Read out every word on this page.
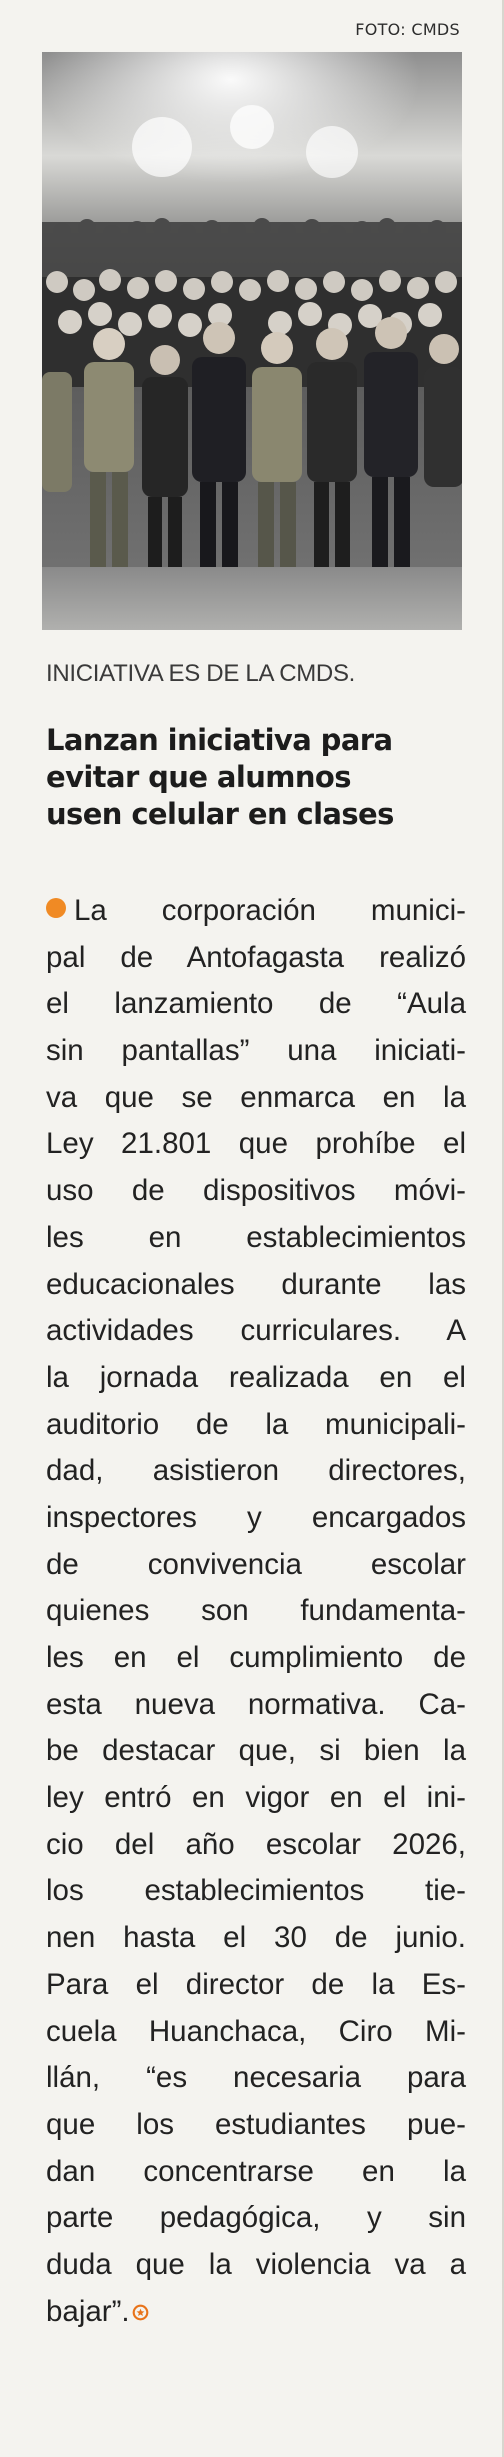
FOTO: CMDS
INICIATIVA ES DE LA CMDS.
Lanzan iniciativa para
evitar que alumnos
usen celular en clases
La corporación munici-
pal de Antofagasta realizó
el lanzamiento de “Aula
sin pantallas” una iniciati-
va que se enmarca en la
Ley 21.801 que prohíbe el
uso de dispositivos móvi-
les en establecimientos
educacionales durante las
actividades curriculares. A
la jornada realizada en el
auditorio de la municipali-
dad, asistieron directores,
inspectores y encargados
de convivencia escolar
quienes son fundamenta-
les en el cumplimiento de
esta nueva normativa. Ca-
be destacar que, si bien la
ley entró en vigor en el ini-
cio del año escolar 2026,
los establecimientos tie-
nen hasta el 30 de junio.
Para el director de la Es-
cuela Huanchaca, Ciro Mi-
llán, “es necesaria para
que los estudiantes pue-
dan concentrarse en la
parte pedagógica, y sin
duda que la violencia va a
bajar”.
